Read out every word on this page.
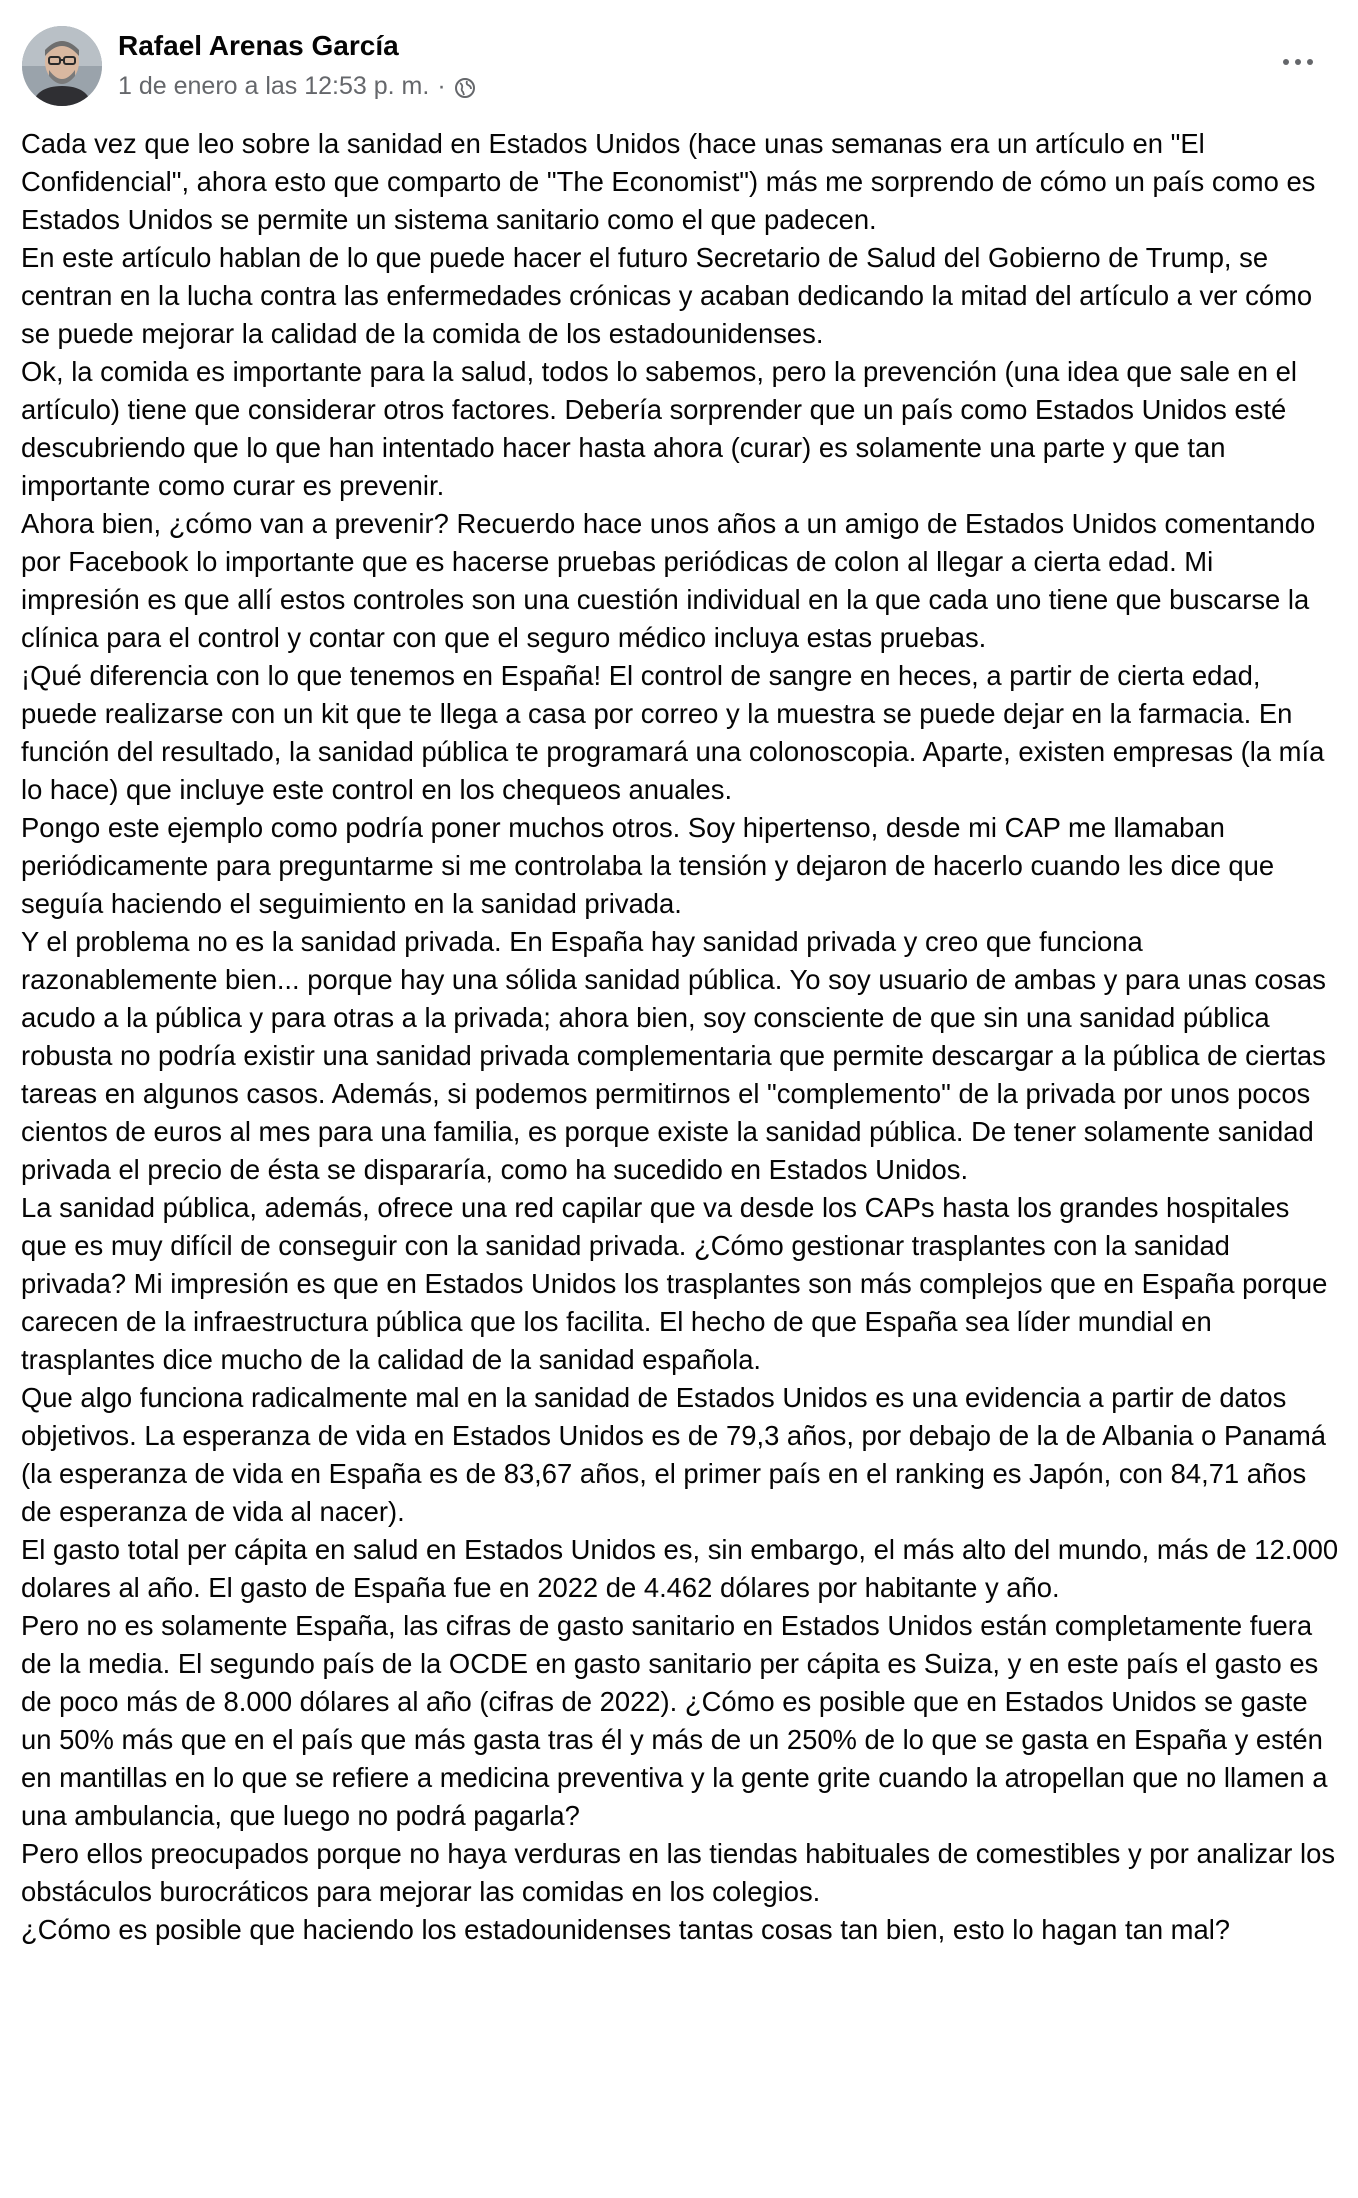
Rafael Arenas García
1 de enero a las 12:53 p. m. ·

Cada vez que leo sobre la sanidad en Estados Unidos (hace unas semanas era un artículo en "El Confidencial", ahora esto que comparto de "The Economist") más me sorprendo de cómo un país como es Estados Unidos se permite un sistema sanitario como el que padecen.

En este artículo hablan de lo que puede hacer el futuro Secretario de Salud del Gobierno de Trump, se centran en la lucha contra las enfermedades crónicas y acaban dedicando la mitad del artículo a ver cómo se puede mejorar la calidad de la comida de los estadounidenses.

Ok, la comida es importante para la salud, todos lo sabemos, pero la prevención (una idea que sale en el artículo) tiene que considerar otros factores. Debería sorprender que un país como Estados Unidos esté descubriendo que lo que han intentado hacer hasta ahora (curar) es solamente una parte y que tan importante como curar es prevenir.

Ahora bien, ¿cómo van a prevenir? Recuerdo hace unos años a un amigo de Estados Unidos comentando por Facebook lo importante que es hacerse pruebas periódicas de colon al llegar a cierta edad. Mi impresión es que allí estos controles son una cuestión individual en la que cada uno tiene que buscarse la clínica para el control y contar con que el seguro médico incluya estas pruebas.

¡Qué diferencia con lo que tenemos en España! El control de sangre en heces, a partir de cierta edad, puede realizarse con un kit que te llega a casa por correo y la muestra se puede dejar en la farmacia. En función del resultado, la sanidad pública te programará una colonoscopia. Aparte, existen empresas (la mía lo hace) que incluye este control en los chequeos anuales.

Pongo este ejemplo como podría poner muchos otros. Soy hipertenso, desde mi CAP me llamaban periódicamente para preguntarme si me controlaba la tensión y dejaron de hacerlo cuando les dice que seguía haciendo el seguimiento en la sanidad privada.

Y el problema no es la sanidad privada. En España hay sanidad privada y creo que funciona razonablemente bien... porque hay una sólida sanidad pública. Yo soy usuario de ambas y para unas cosas acudo a la pública y para otras a la privada; ahora bien, soy consciente de que sin una sanidad pública robusta no podría existir una sanidad privada complementaria que permite descargar a la pública de ciertas tareas en algunos casos. Además, si podemos permitirnos el "complemento" de la privada por unos pocos cientos de euros al mes para una familia, es porque existe la sanidad pública. De tener solamente sanidad privada el precio de ésta se dispararía, como ha sucedido en Estados Unidos.

La sanidad pública, además, ofrece una red capilar que va desde los CAPs hasta los grandes hospitales que es muy difícil de conseguir con la sanidad privada. ¿Cómo gestionar trasplantes con la sanidad privada? Mi impresión es que en Estados Unidos los trasplantes son más complejos que en España porque carecen de la infraestructura pública que los facilita. El hecho de que España sea líder mundial en trasplantes dice mucho de la calidad de la sanidad española.

Que algo funciona radicalmente mal en la sanidad de Estados Unidos es una evidencia a partir de datos objetivos. La esperanza de vida en Estados Unidos es de 79,3 años, por debajo de la de Albania o Panamá (la esperanza de vida en España es de 83,67 años, el primer país en el ranking es Japón, con 84,71 años de esperanza de vida al nacer).

El gasto total per cápita en salud en Estados Unidos es, sin embargo, el más alto del mundo, más de 12.000 dolares al año. El gasto de España fue en 2022 de 4.462 dólares por habitante y año.

Pero no es solamente España, las cifras de gasto sanitario en Estados Unidos están completamente fuera de la media. El segundo país de la OCDE en gasto sanitario per cápita es Suiza, y en este país el gasto es de poco más de 8.000 dólares al año (cifras de 2022). ¿Cómo es posible que en Estados Unidos se gaste un 50% más que en el país que más gasta tras él y más de un 250% de lo que se gasta en España y estén en mantillas en lo que se refiere a medicina preventiva y la gente grite cuando la atropellan que no llamen a una ambulancia, que luego no podrá pagarla?

Pero ellos preocupados porque no haya verduras en las tiendas habituales de comestibles y por analizar los obstáculos burocráticos para mejorar las comidas en los colegios.

¿Cómo es posible que haciendo los estadounidenses tantas cosas tan bien, esto lo hagan tan mal?
